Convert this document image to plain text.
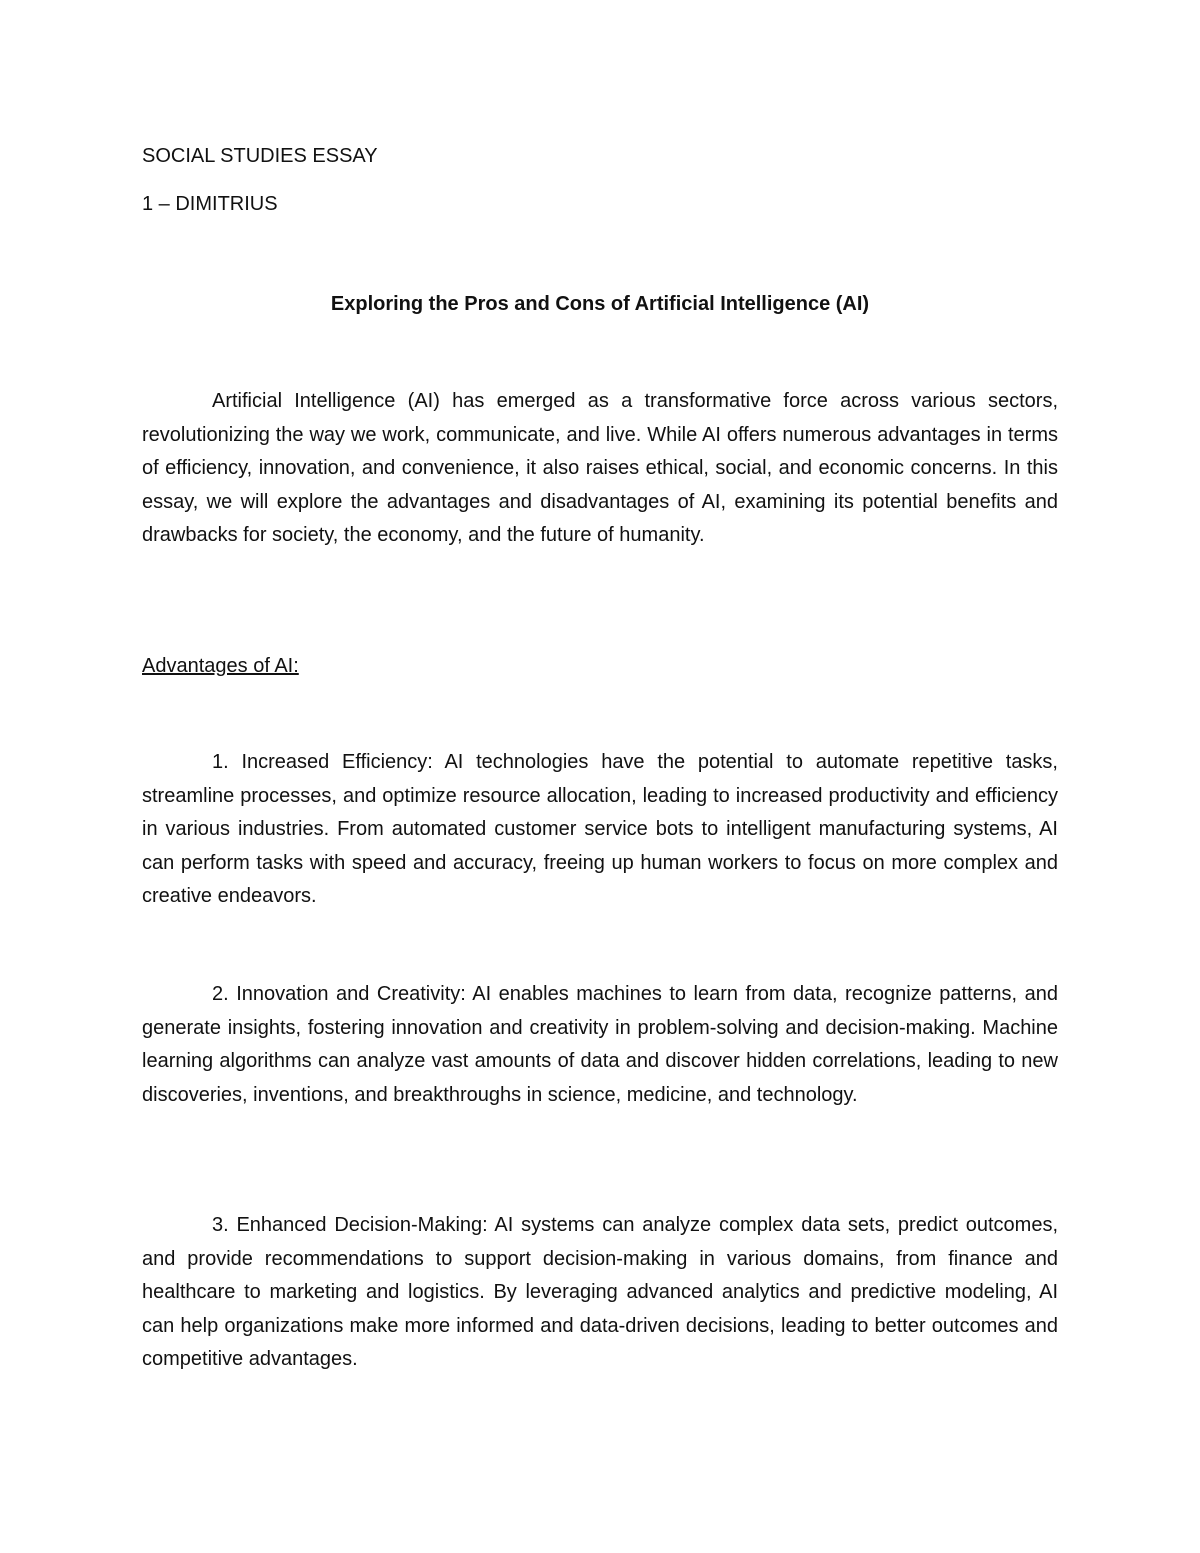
SOCIAL STUDIES ESSAY
1 – DIMITRIUS
Exploring the Pros and Cons of Artificial Intelligence (AI)

Artificial Intelligence (AI) has emerged as a transformative force across various sectors, revolutionizing the way we work, communicate, and live. While AI offers numerous advantages in terms of efficiency, innovation, and convenience, it also raises ethical, social, and economic concerns. In this essay, we will explore the advantages and disadvantages of AI, examining its potential benefits and drawbacks for society, the economy, and the future of humanity.

Advantages of AI:

1. Increased Efficiency: AI technologies have the potential to automate repetitive tasks, streamline processes, and optimize resource allocation, leading to increased productivity and efficiency in various industries. From automated customer service bots to intelligent manufacturing systems, AI can perform tasks with speed and accuracy, freeing up human workers to focus on more complex and creative endeavors.

2. Innovation and Creativity: AI enables machines to learn from data, recognize patterns, and generate insights, fostering innovation and creativity in problem-solving and decision-making. Machine learning algorithms can analyze vast amounts of data and discover hidden correlations, leading to new discoveries, inventions, and breakthroughs in science, medicine, and technology.

3. Enhanced Decision-Making: AI systems can analyze complex data sets, predict outcomes, and provide recommendations to support decision-making in various domains, from finance and healthcare to marketing and logistics. By leveraging advanced analytics and predictive modeling, AI can help organizations make more informed and data-driven decisions, leading to better outcomes and competitive advantages.
